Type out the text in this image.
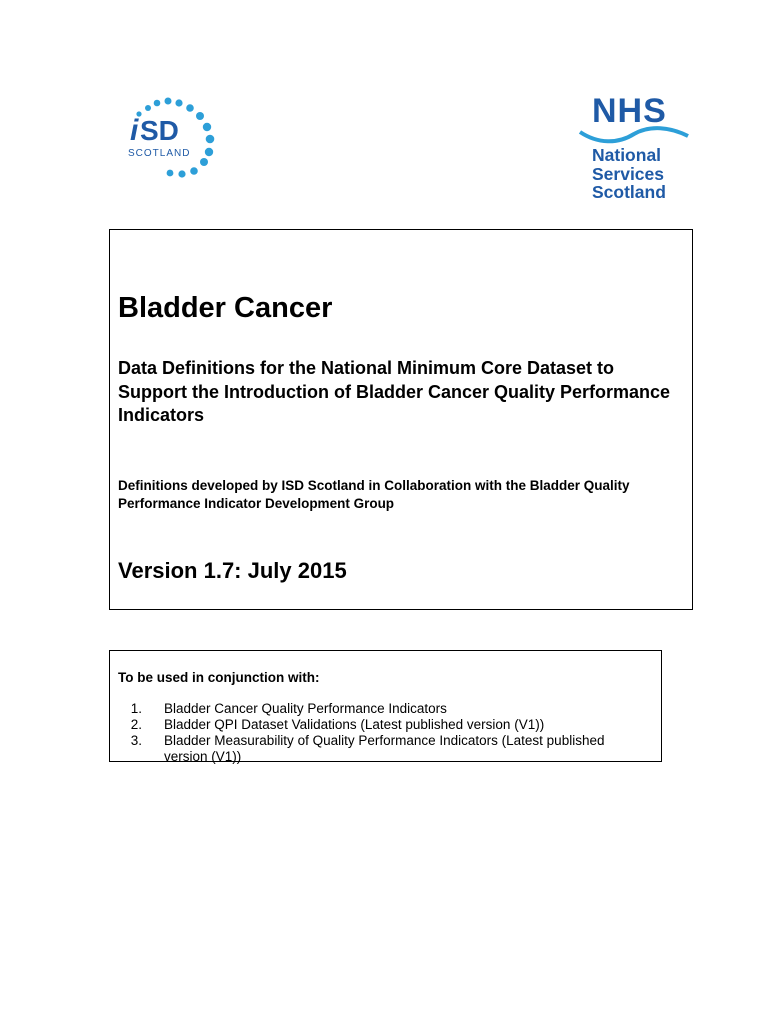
i SD
SCOTLAND
NHS
National
Services
Scotland
Bladder Cancer
Data Definitions for the National Minimum Core Dataset to Support the Introduction of Bladder Cancer Quality Performance Indicators
Definitions developed by ISD Scotland in Collaboration with the Bladder Quality Performance Indicator Development Group
Version 1.7: July 2015
To be used in conjunction with:
1.	Bladder Cancer Quality Performance Indicators
2.	Bladder QPI Dataset Validations (Latest published version (V1))
3.	Bladder Measurability of Quality Performance Indicators (Latest published version (V1))
